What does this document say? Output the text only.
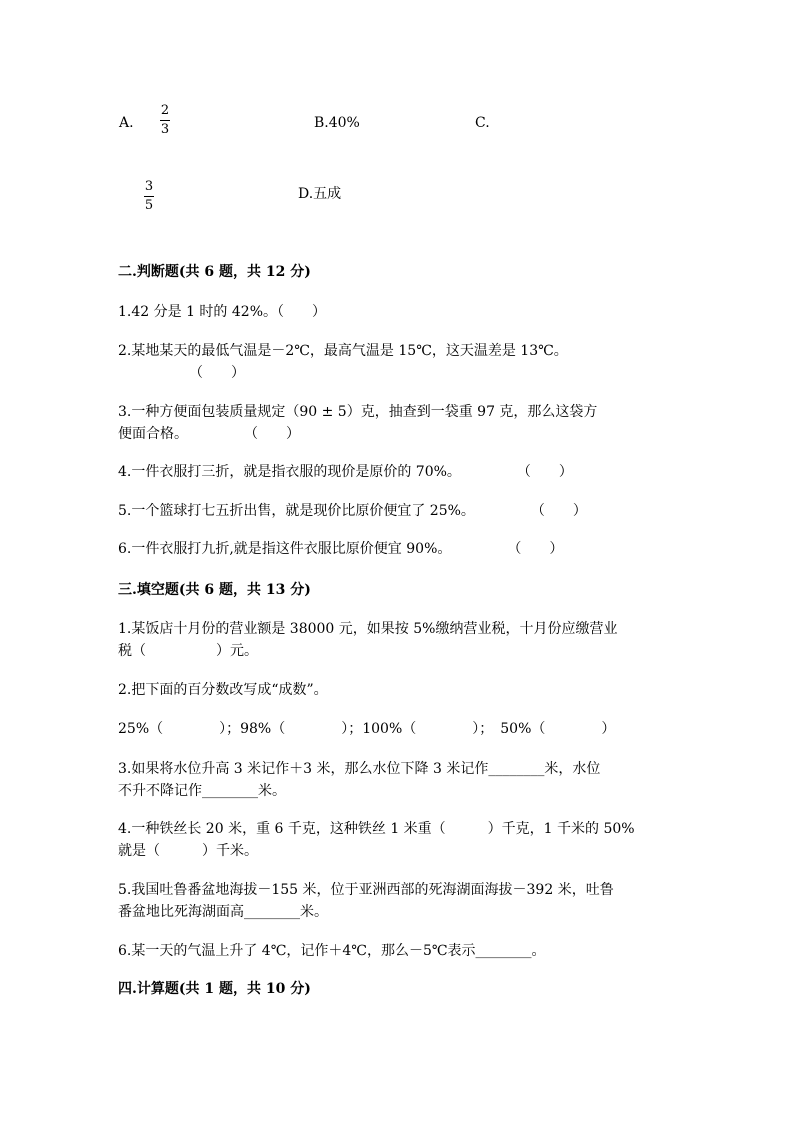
A.
2
3	B.40%	C.
3
5
D.五成
二.判断题(共 6 题，共 12 分)
1.42 分是 1 时的 42%。（　　）
2.某地某天的最低气温是－2℃，最高气温是 15℃，这天温差是 13℃。
（　　）
3.一种方便面包装质量规定（90 ± 5）克，抽查到一袋重 97 克，那么这袋方
便面合格。　　　　　（　　）
4.一件衣服打三折，就是指衣服的现价是原价的 70%。　　　　　（　　）
5.一个篮球打七五折出售，就是现价比原价便宜了 25%。　　　　　（　　）
6.一件衣服打九折,就是指这件衣服比原价便宜 90%。　　　　　（　　）
三.填空题(共 6 题，共 13 分)
1.某饭店十月份的营业额是 38000 元，如果按 5%缴纳营业税，十月份应缴营业
税（　　　　　）元。
2.把下面的百分数改写成“成数”。
25%（　　　　）；98%（　　　　）；100%（　　　　）；　50%（　　　　）
3.如果将水位升高 3 米记作＋3 米，那么水位下降 3 米记作________米，水位
不升不降记作________米。
4.一种铁丝长 20 米，重 6 千克，这种铁丝 1 米重（　　　）千克，1 千米的 50%
就是（　　　）千米。
5.我国吐鲁番盆地海拔－155 米，位于亚洲西部的死海湖面海拔－392 米，吐鲁
番盆地比死海湖面高________米。
6.某一天的气温上升了 4℃，记作＋4℃，那么－5℃表示________。
四.计算题(共 1 题，共 10 分)
